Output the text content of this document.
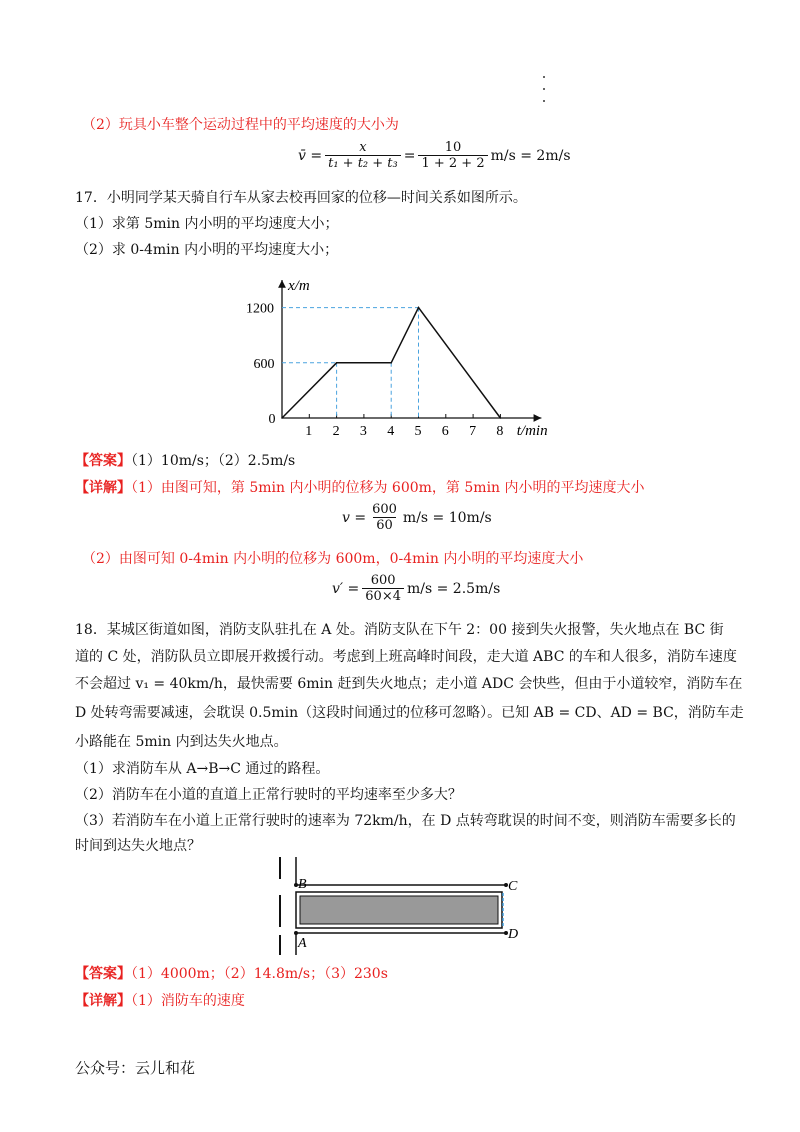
（2）玩具小车整个运动过程中的平均速度的大小为
v̄ = $\frac{x}{\text{t₁ + t₂ + t₃}} = \frac{10}{1 + 2 + 2} m/s = 2m/s$
17．小明同学某天骑自行车从家去校再回家的位移—时间关系如图所示。
（1）求第 5min 内小明的平均速度大小；
（2）求 0-4min 内小明的平均速度大小；
t/min
x/m
1 2 3 4 5 6 7 8
0
600
1200
【答案】（1）10m/s；（2）2.5m/s
【详解】（1）由图可知，第 5min 内小明的位移为 600m，第 5min 内小明的平均速度大小
$v = \frac{600}{60} m/s = 10m/s$
（2）由图可知 0-4min 内小明的位移为 600m，0-4min 内小明的平均速度大小
$v' = \frac{600}{60\times 4} m/s = 2.5m/s$
18．某城区街道如图，消防支队驻扎在 A 处。消防支队在下午 2：00 接到失火报警，失火地点在 BC 街
道的 C 处，消防队员立即展开救援行动。考虑到上班高峰时间段，走大道 ABC 的车和人很多，消防车速度
不会超过 v₁ = 40km/h，最快需要 6min 赶到失火地点；走小道 ADC 会快些，但由于小道较窄，消防车在
D 处转弯需要减速，会耽误 0.5min（这段时间通过的位移可忽略）。已知 AB = CD、AD = BC，消防车走
小路能在 5min 内到达失火地点。
（1）求消防车从 A→B→C 通过的路程。
（2）消防车在小道的直道上正常行驶时的平均速率至少多大？
（3）若消防车在小道上正常行驶时的速率为 72km/h，在 D 点转弯耽误的时间不变，则消防车需要多长的
时间到达失火地点？
B	C
A
D
【答案】（1）4000m；（2）14.8m/s；（3）230s
【详解】（1）消防车的速度
公众号：云儿和花
